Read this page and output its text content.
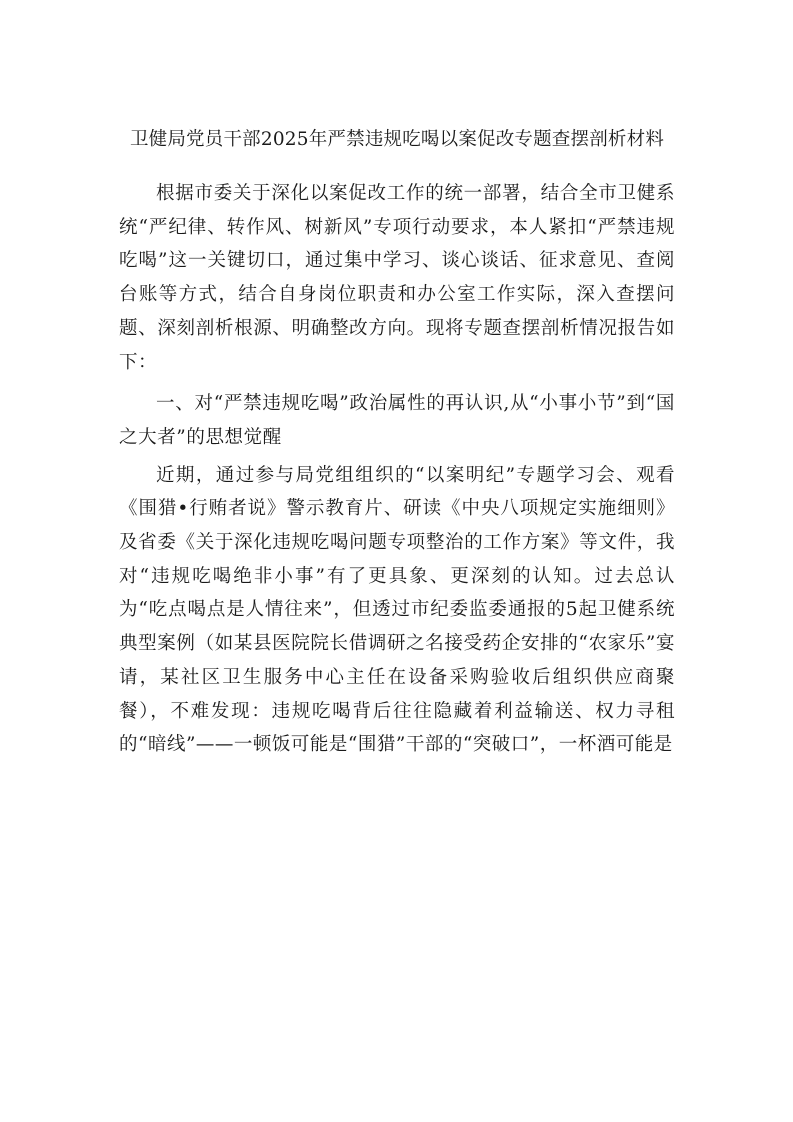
卫健局党员干部2025年严禁违规吃喝以案促改专题查摆剖析材料

根据市委关于深化以案促改工作的统一部署，结合全市卫健系统“严纪律、转作风、树新风”专项行动要求，本人紧扣“严禁违规吃喝”这一关键切口，通过集中学习、谈心谈话、征求意见、查阅台账等方式，结合自身岗位职责和办公室工作实际，深入查摆问题、深刻剖析根源、明确整改方向。现将专题查摆剖析情况报告如下：

一、对“严禁违规吃喝”政治属性的再认识,从“小事小节”到“国之大者”的思想觉醒

近期，通过参与局党组组织的“以案明纪”专题学习会、观看《围猎•行贿者说》警示教育片、研读《中央八项规定实施细则》及省委《关于深化违规吃喝问题专项整治的工作方案》等文件，我对“违规吃喝绝非小事”有了更具象、更深刻的认知。过去总认为“吃点喝点是人情往来”，但透过市纪委监委通报的5起卫健系统典型案例（如某县医院院长借调研之名接受药企安排的“农家乐”宴请，某社区卫生服务中心主任在设备采购验收后组织供应商聚餐），不难发现：违规吃喝背后往往隐藏着利益输送、权力寻租的“暗线”——一顿饭可能是“围猎”干部的“突破口”，一杯酒可能是
